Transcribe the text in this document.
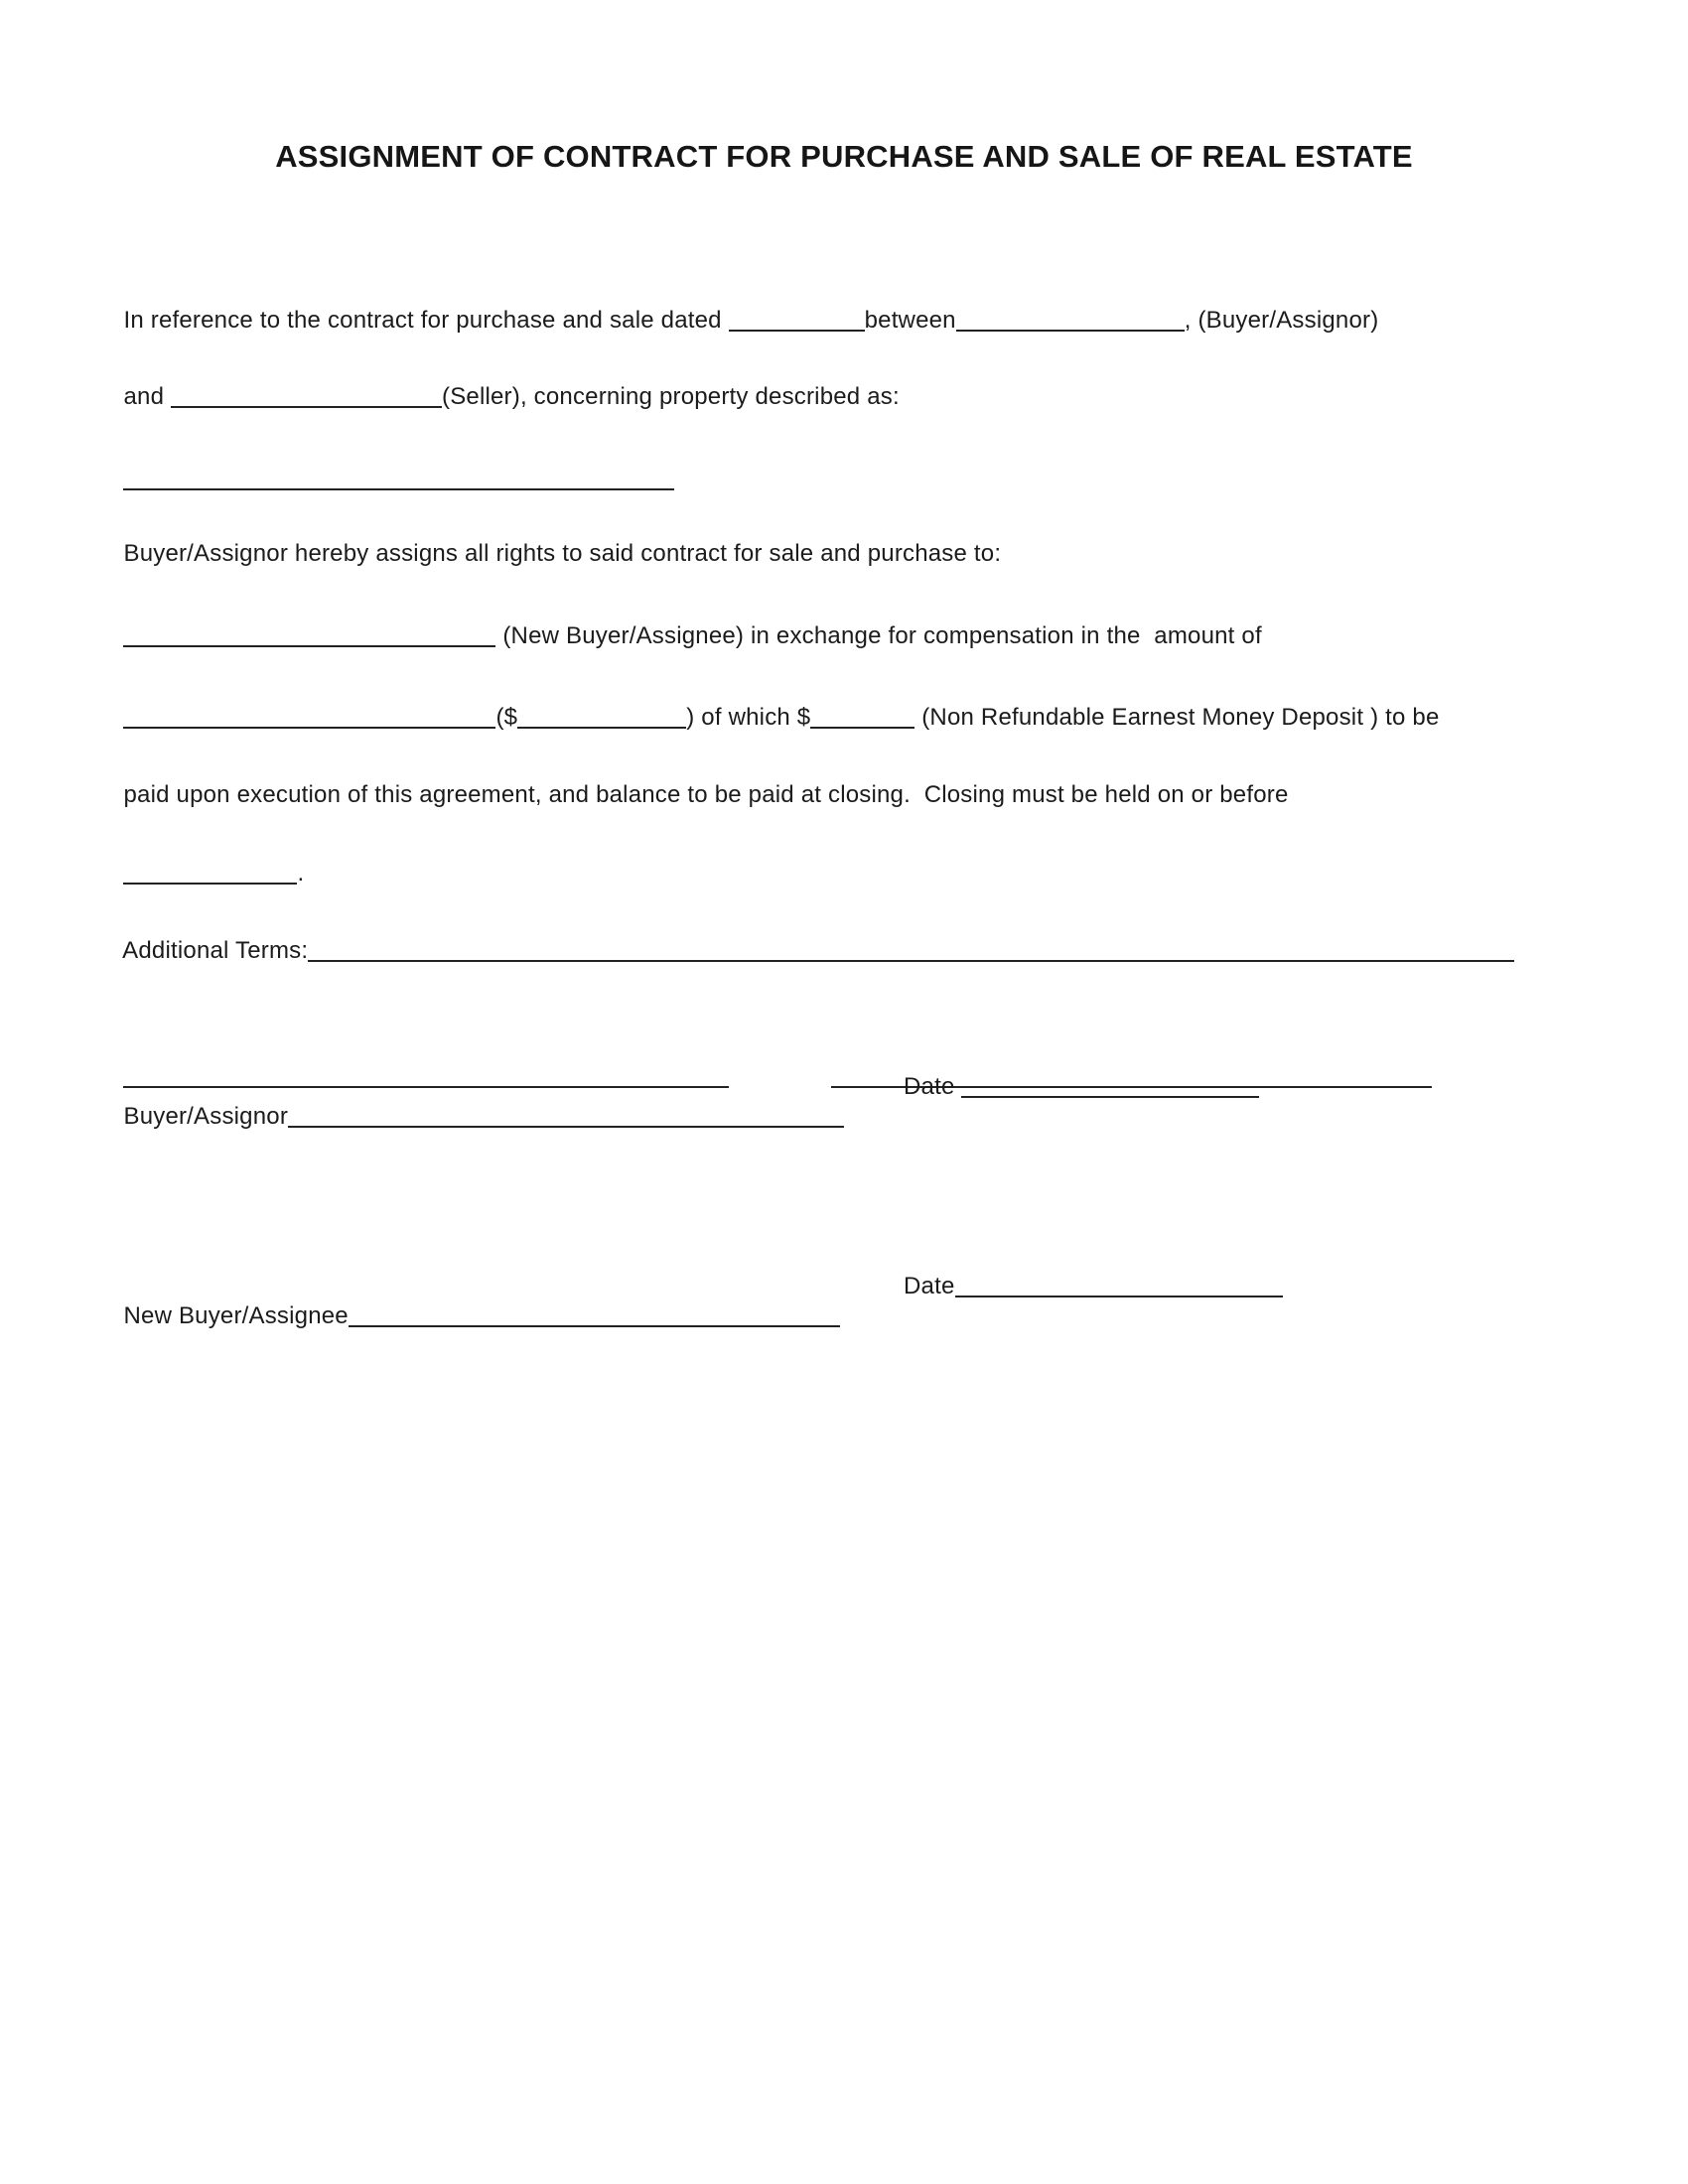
ASSIGNMENT OF CONTRACT FOR PURCHASE AND SALE OF REAL ESTATE

In reference to the contract for purchase and sale dated	between	, (Buyer/Assignor)

and	(Seller), concerning property described as:

Buyer/Assignor hereby assigns all rights to said contract for sale and purchase to:

(New Buyer/Assignee) in exchange for compensation in the  amount of

($	) of which $	(Non Refundable Earnest Money Deposit ) to be

paid upon execution of this agreement, and balance to be paid at closing.  Closing must be held on or before

.

Additional Terms:

Buyer/Assignor

Date

New Buyer/Assignee

Date
